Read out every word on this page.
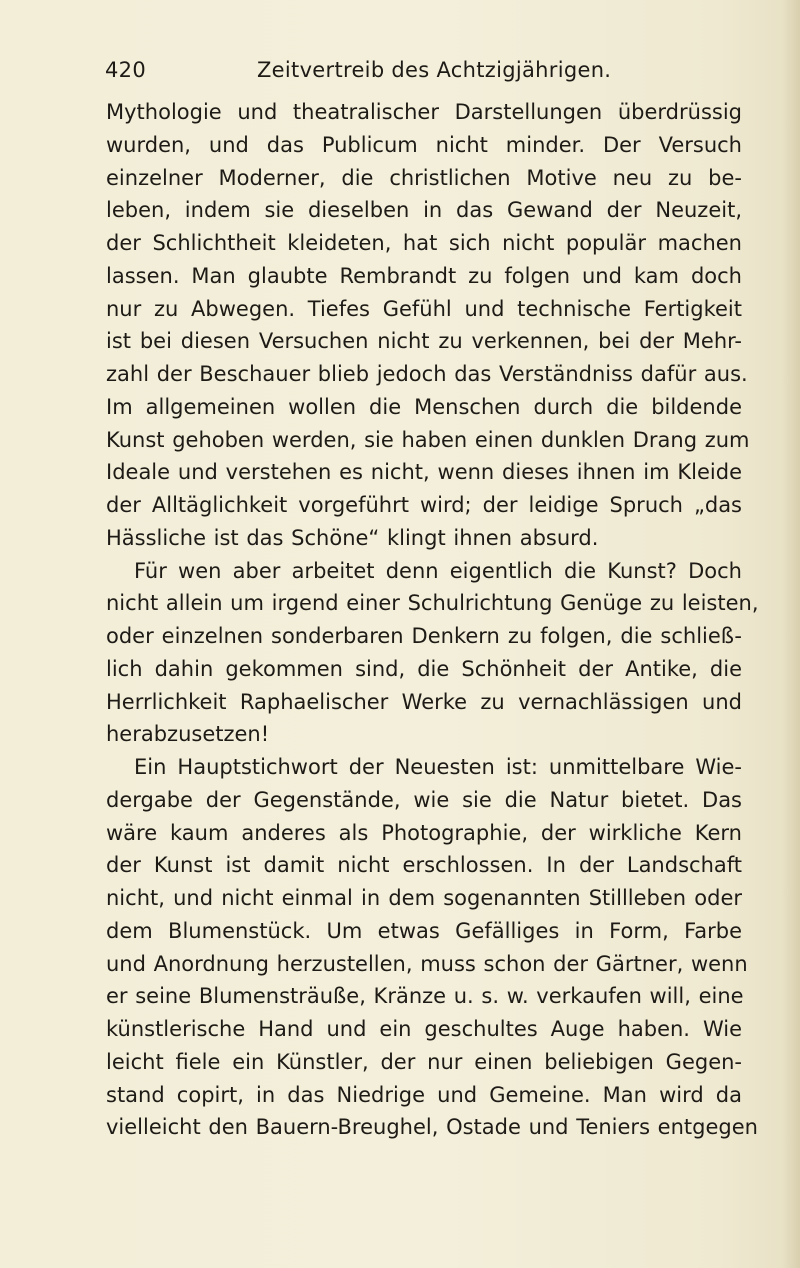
420	Zeitvertreib des Achtzigjährigen.
Mythologie und theatralischer Darstellungen überdrüssig
wurden, und das Publicum nicht minder. Der Versuch
einzelner Moderner, die christlichen Motive neu zu be-
leben, indem sie dieselben in das Gewand der Neuzeit,
der Schlichtheit kleideten, hat sich nicht populär machen
lassen. Man glaubte Rembrandt zu folgen und kam doch
nur zu Abwegen. Tiefes Gefühl und technische Fertigkeit
ist bei diesen Versuchen nicht zu verkennen, bei der Mehr-
zahl der Beschauer blieb jedoch das Verständniss dafür aus.
Im allgemeinen wollen die Menschen durch die bildende
Kunst gehoben werden, sie haben einen dunklen Drang zum
Ideale und verstehen es nicht, wenn dieses ihnen im Kleide
der Alltäglichkeit vorgeführt wird; der leidige Spruch „das
Hässliche ist das Schöne“ klingt ihnen absurd.
Für wen aber arbeitet denn eigentlich die Kunst? Doch
nicht allein um irgend einer Schulrichtung Genüge zu leisten,
oder einzelnen sonderbaren Denkern zu folgen, die schließ-
lich dahin gekommen sind, die Schönheit der Antike, die
Herrlichkeit Raphaelischer Werke zu vernachlässigen und
herabzusetzen!
Ein Hauptstichwort der Neuesten ist: unmittelbare Wie-
dergabe der Gegenstände, wie sie die Natur bietet. Das
wäre kaum anderes als Photographie, der wirkliche Kern
der Kunst ist damit nicht erschlossen. In der Landschaft
nicht, und nicht einmal in dem sogenannten Stillleben oder
dem Blumenstück. Um etwas Gefälliges in Form, Farbe
und Anordnung herzustellen, muss schon der Gärtner, wenn
er seine Blumensträuße, Kränze u. s. w. verkaufen will, eine
künstlerische Hand und ein geschultes Auge haben. Wie
leicht fiele ein Künstler, der nur einen beliebigen Gegen-
stand copirt, in das Niedrige und Gemeine. Man wird da
vielleicht den Bauern-Breughel, Ostade und Teniers entgegen
